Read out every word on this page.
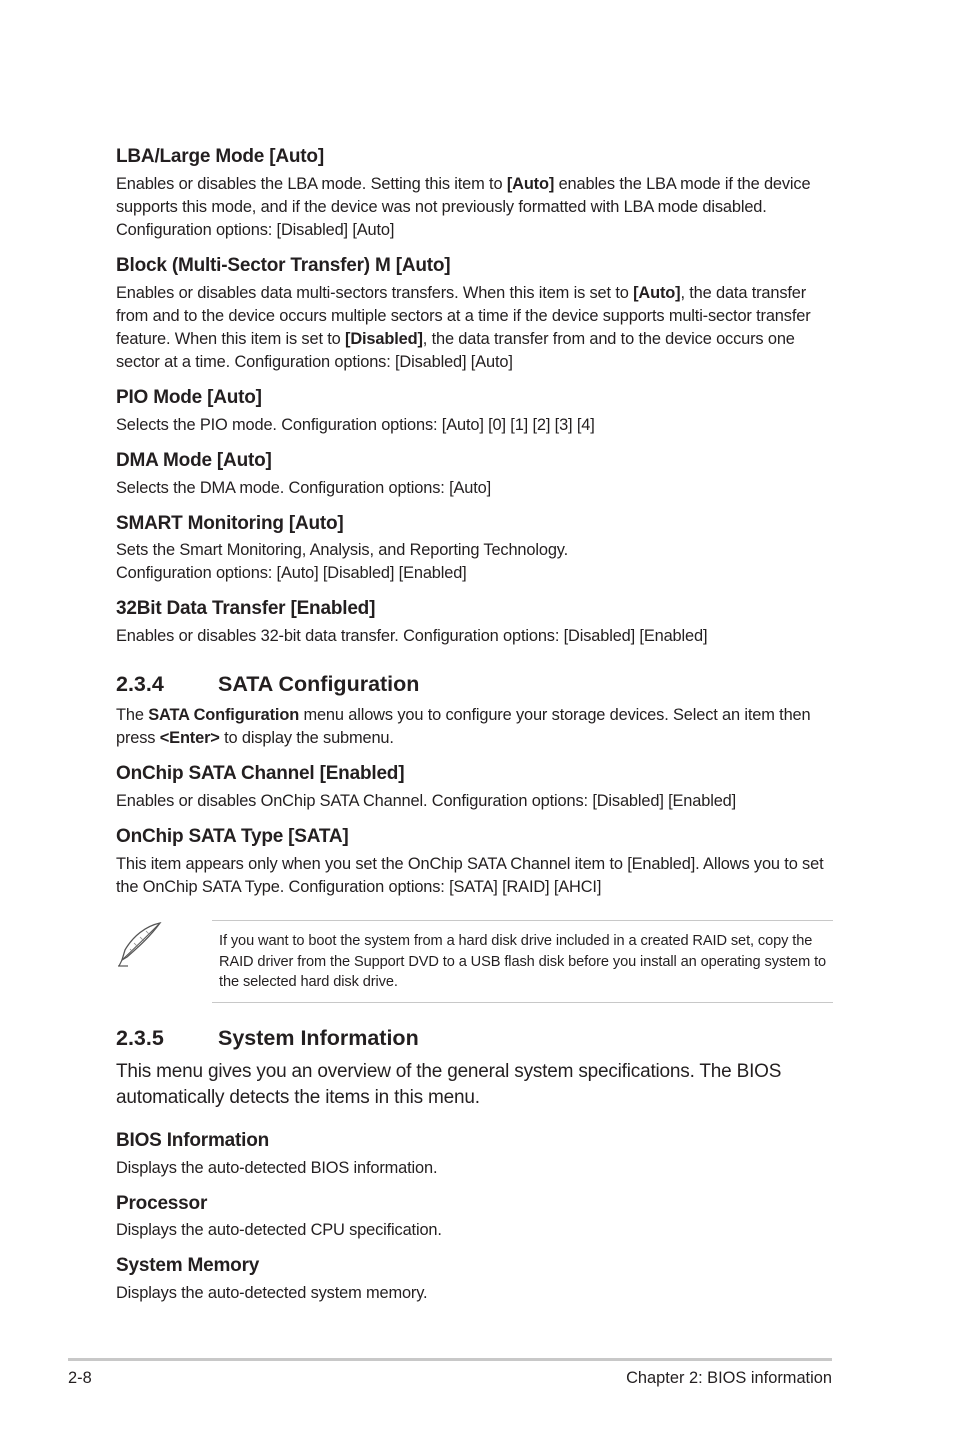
LBA/Large Mode [Auto]
Enables or disables the LBA mode. Setting this item to [Auto] enables the LBA mode if the device supports this mode, and if the device was not previously formatted with LBA mode disabled. Configuration options: [Disabled] [Auto]
Block (Multi-Sector Transfer) M [Auto]
Enables or disables data multi-sectors transfers. When this item is set to [Auto], the data transfer from and to the device occurs multiple sectors at a time if the device supports multi-sector transfer feature. When this item is set to [Disabled], the data transfer from and to the device occurs one sector at a time. Configuration options: [Disabled] [Auto]
PIO Mode [Auto]
Selects the PIO mode. Configuration options: [Auto] [0] [1] [2] [3] [4]
DMA Mode [Auto]
Selects the DMA mode. Configuration options: [Auto]
SMART Monitoring [Auto]
Sets the Smart Monitoring, Analysis, and Reporting Technology.
Configuration options: [Auto] [Disabled] [Enabled]
32Bit Data Transfer [Enabled]
Enables or disables 32-bit data transfer. Configuration options: [Disabled] [Enabled]
2.3.4	SATA Configuration
The SATA Configuration menu allows you to configure your storage devices. Select an item then press <Enter> to display the submenu.
OnChip SATA Channel [Enabled]
Enables or disables OnChip SATA Channel. Configuration options: [Disabled] [Enabled]
OnChip SATA Type [SATA]
This item appears only when you set the OnChip SATA Channel item to [Enabled]. Allows you to set the OnChip SATA Type. Configuration options: [SATA] [RAID] [AHCI]
If you want to boot the system from a hard disk drive included in a created RAID set, copy the RAID driver from the Support DVD to a USB flash disk before you install an operating system to the selected hard disk drive.
2.3.5	System Information
This menu gives you an overview of the general system specifications. The BIOS automatically detects the items in this menu.
BIOS Information
Displays the auto-detected BIOS information.
Processor
Displays the auto-detected CPU specification.
System Memory
Displays the auto-detected system memory.
2-8	Chapter 2: BIOS information
